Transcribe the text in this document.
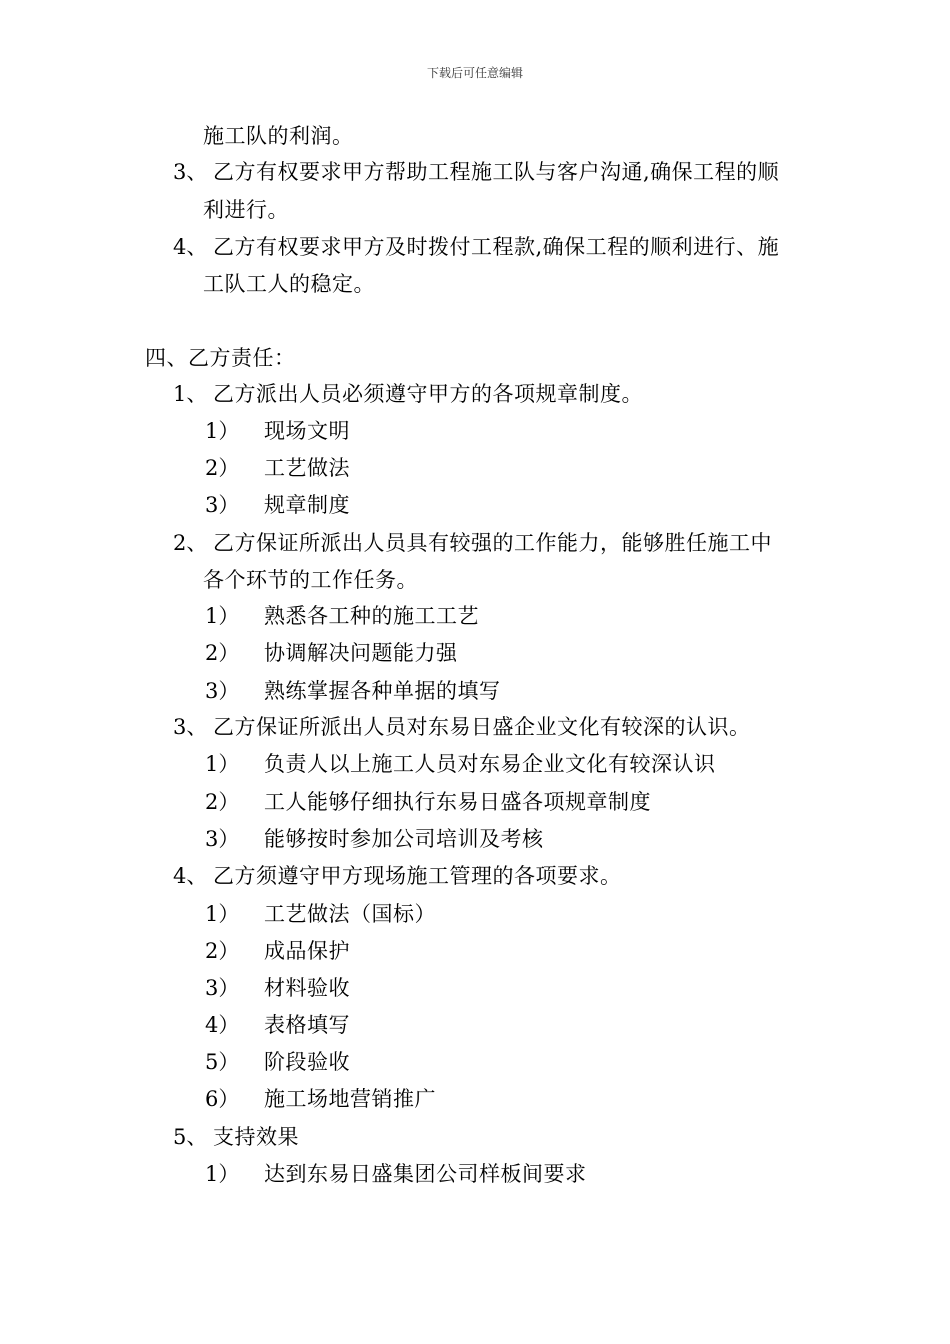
下载后可任意编辑
施工队的利润。
3、 乙方有权要求甲方帮助工程施工队与客户沟通,确保工程的顺
利进行。
4、 乙方有权要求甲方及时拨付工程款,确保工程的顺利进行、施
工队工人的稳定。
四、乙方责任：
1、 乙方派出人员必须遵守甲方的各项规章制度。
1） 现场文明
2） 工艺做法
3） 规章制度
2、 乙方保证所派出人员具有较强的工作能力，能够胜任施工中
各个环节的工作任务。
1） 熟悉各工种的施工工艺
2） 协调解决问题能力强
3） 熟练掌握各种单据的填写
3、 乙方保证所派出人员对东易日盛企业文化有较深的认识。
1） 负责人以上施工人员对东易企业文化有较深认识
2） 工人能够仔细执行东易日盛各项规章制度
3） 能够按时参加公司培训及考核
4、 乙方须遵守甲方现场施工管理的各项要求。
1） 工艺做法（国标）
2） 成品保护
3） 材料验收
4） 表格填写
5） 阶段验收
6） 施工场地营销推广
5、 支持效果
1） 达到东易日盛集团公司样板间要求
